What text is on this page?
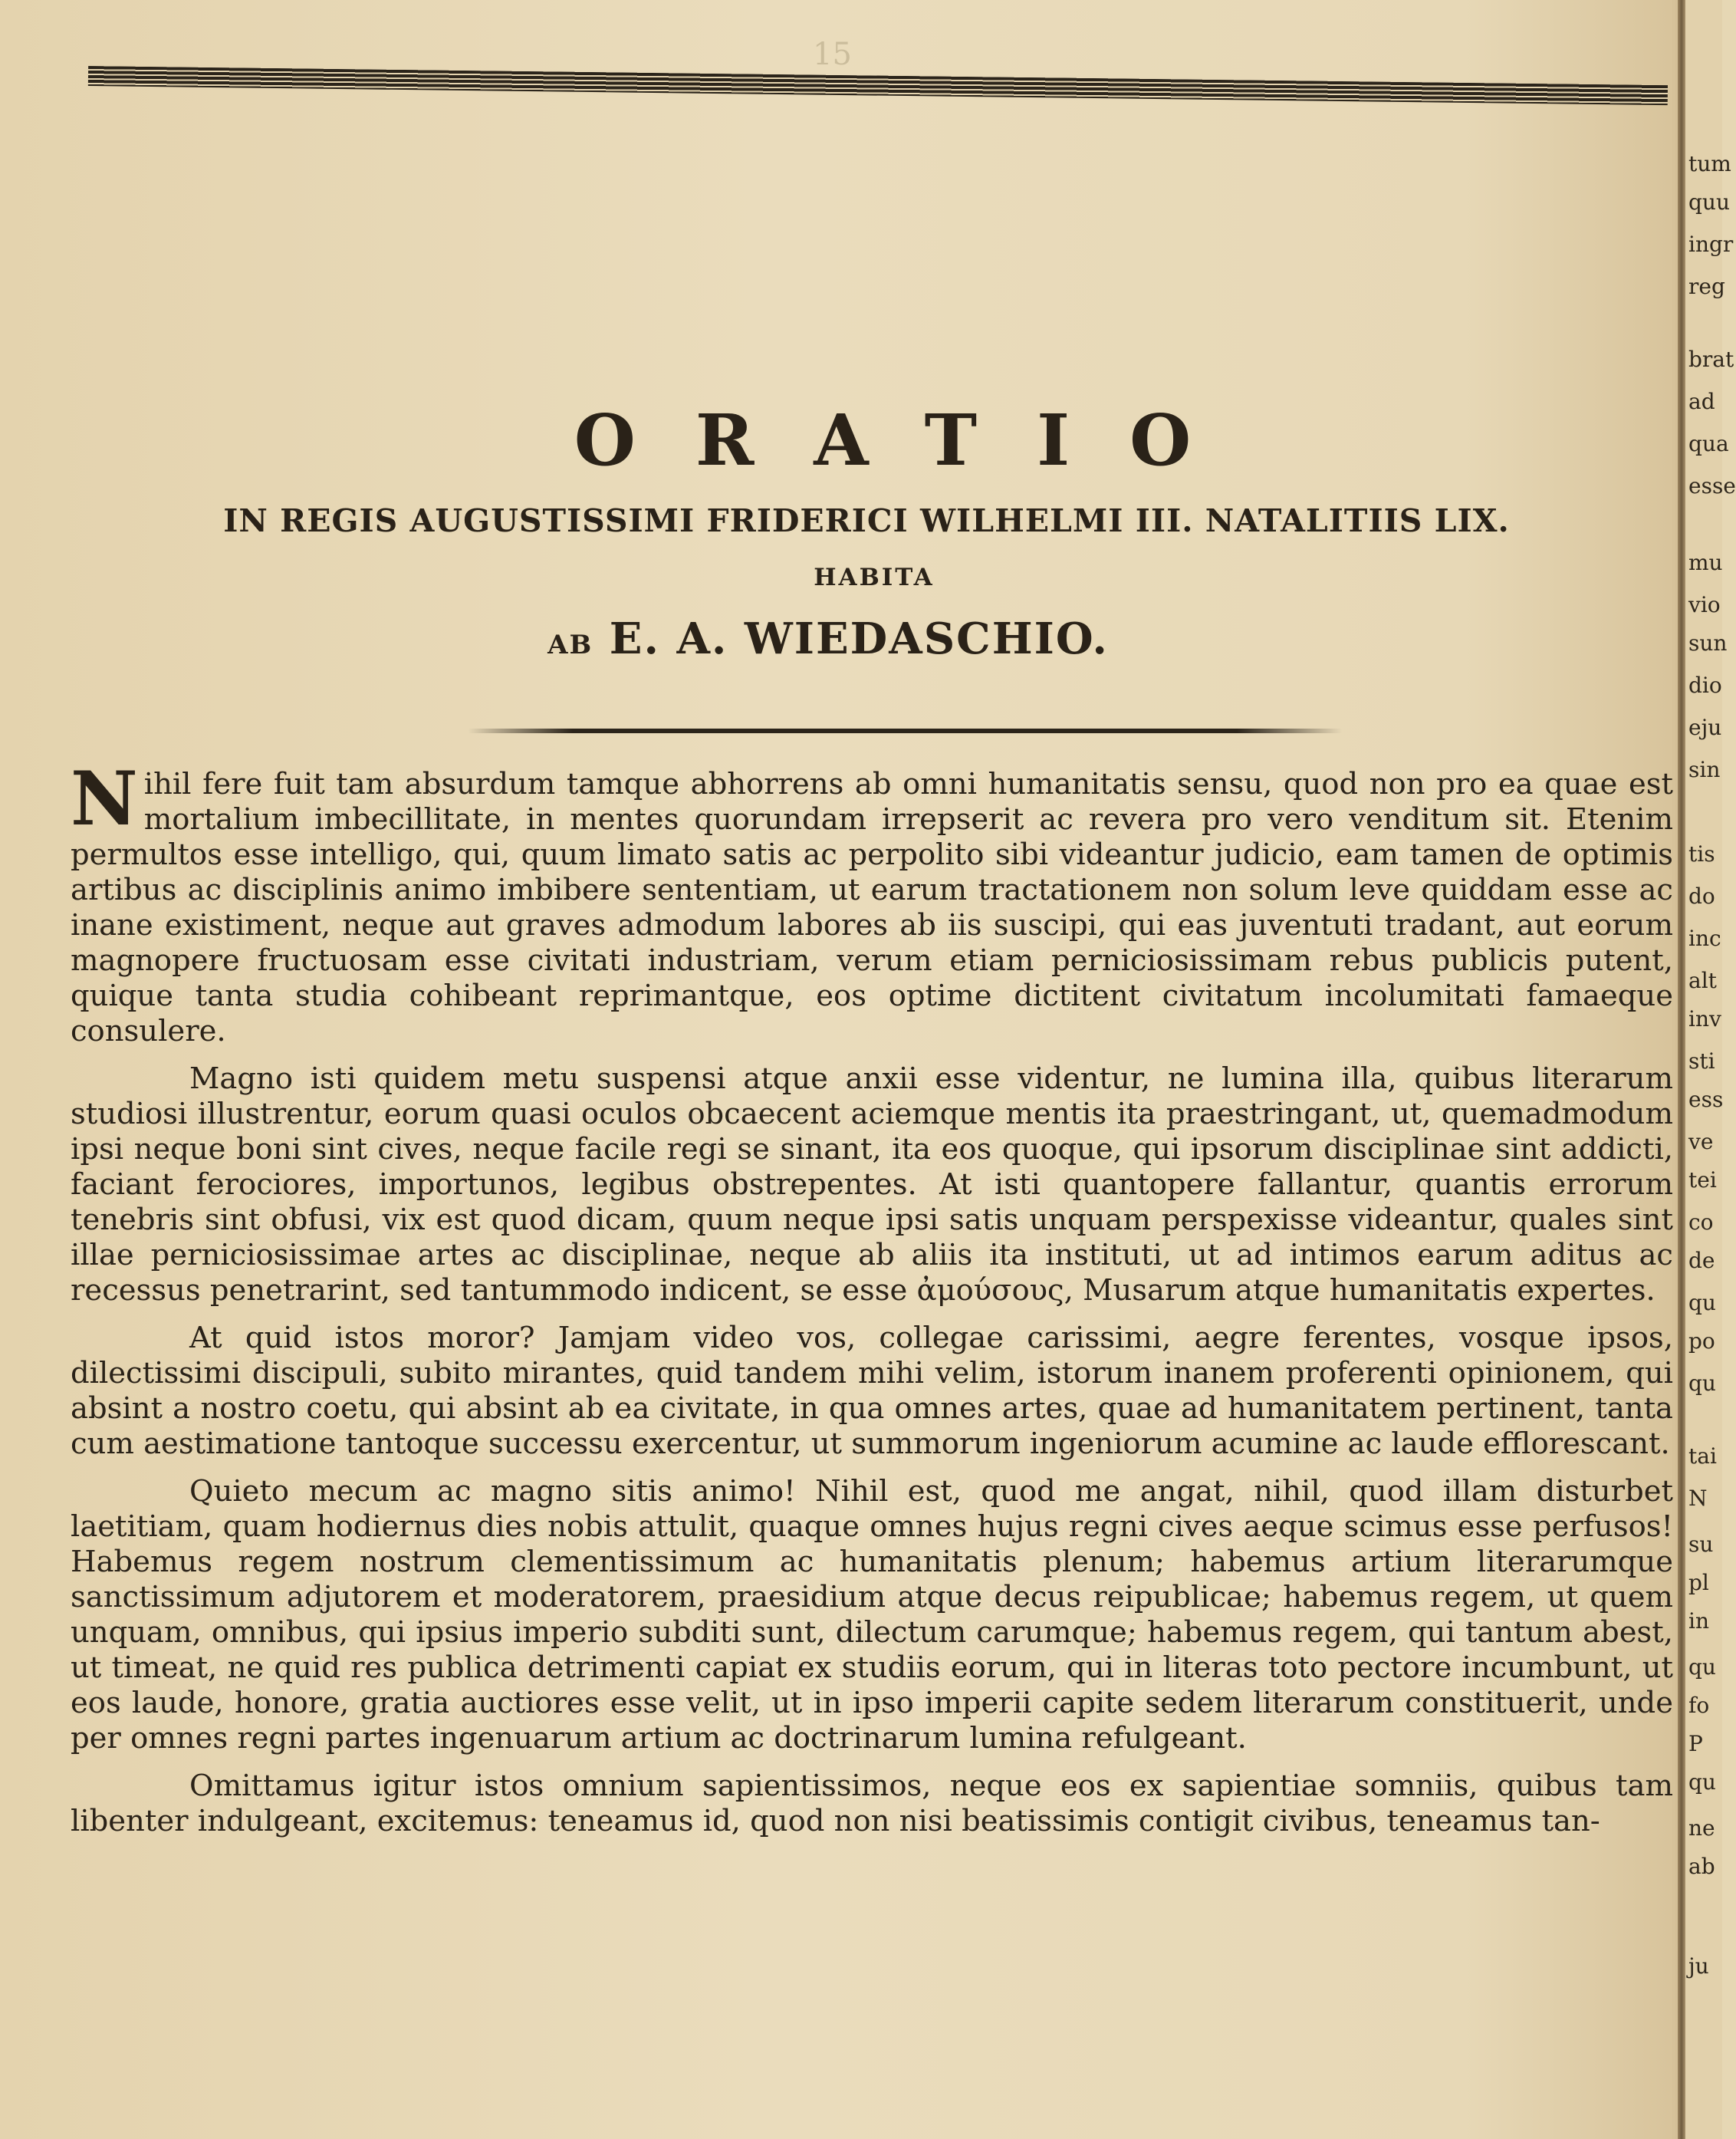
15
ORATIO
IN REGIS AUGUSTISSIMI FRIDERICI WILHELMI III. NATALITIIS LIX.
HABITA
AB E. A. WIEDASCHIO.

Nihil fere fuit tam absurdum tamque abhorrens ab omni humanitatis sensu, quod non pro ea quae est mortalium imbecillitate, in mentes quorundam irrepserit ac revera pro vero venditum sit. Etenim permultos esse intelligo, qui, quum limato satis ac perpolito sibi videantur judicio, eam tamen de optimis artibus ac disciplinis animo imbibere sententiam, ut earum tractationem non solum leve quiddam esse ac inane existiment, neque aut graves admodum labores ab iis suscipi, qui eas juventuti tradant, aut eorum magnopere fructuosam esse civitati industriam, verum etiam perniciosissimam rebus publicis putent, quique tanta studia cohibeant reprimantque, eos optime dictitent civitatum incolumitati famaeque consulere.

Magno isti quidem metu suspensi atque anxii esse videntur, ne lumina illa, quibus literarum studiosi illustrentur, eorum quasi oculos obcaecent aciemque mentis ita praestringant, ut, quemadmodum ipsi neque boni sint cives, neque facile regi se sinant, ita eos quoque, qui ipsorum disciplinae sint addicti, faciant ferociores, importunos, legibus obstrepentes. At isti quantopere fallantur, quantis errorum tenebris sint obfusi, vix est quod dicam, quum neque ipsi satis unquam perspexisse videantur, quales sint illae perniciosissimae artes ac disciplinae, neque ab aliis ita instituti, ut ad intimos earum aditus ac recessus penetrarint, sed tantummodo indicent, se esse ἀμούσους, Musarum atque humanitatis expertes.

At quid istos moror? Jamjam video vos, collegae carissimi, aegre ferentes, vosque ipsos, dilectissimi discipuli, subito mirantes, quid tandem mihi velim, istorum inanem proferenti opinionem, qui absint a nostro coetu, qui absint ab ea civitate, in qua omnes artes, quae ad humanitatem pertinent, tanta cum aestimatione tantoque successu exercentur, ut summorum ingeniorum acumine ac laude efflorescant.

Quieto mecum ac magno sitis animo! Nihil est, quod me angat, nihil, quod illam disturbet laetitiam, quam hodiernus dies nobis attulit, quaque omnes hujus regni cives aeque scimus esse perfusos! Habemus regem nostrum clementissimum ac humanitatis plenum; habemus artium literarumque sanctissimum adjutorem et moderatorem, praesidium atque decus reipublicae; habemus regem, ut quem unquam, omnibus, qui ipsius imperio subditi sunt, dilectum carumque; habemus regem, qui tantum abest, ut timeat, ne quid res publica detrimenti capiat ex studiis eorum, qui in literas toto pectore incumbunt, ut eos laude, honore, gratia auctiores esse velit, ut in ipso imperii capite sedem literarum constituerit, unde per omnes regni partes ingenuarum artium ac doctrinarum lumina refulgeant.

Omittamus igitur istos omnium sapientissimos, neque eos ex sapientiae somniis, quibus tam libenter indulgeant, excitemus: teneamus id, quod non nisi beatissimis contigit civibus, teneamus tan-

tum
quu
ingr
reg
brat
ad
qua
esse
mu
vio
sun
dio
eju
sin
tis
do
inc
alt
inv
sti
ess
ve
tei
co
de
qu
po
qu
tai
N
su
pl
in
qu
fo
P
qu
ne
ab
ju
